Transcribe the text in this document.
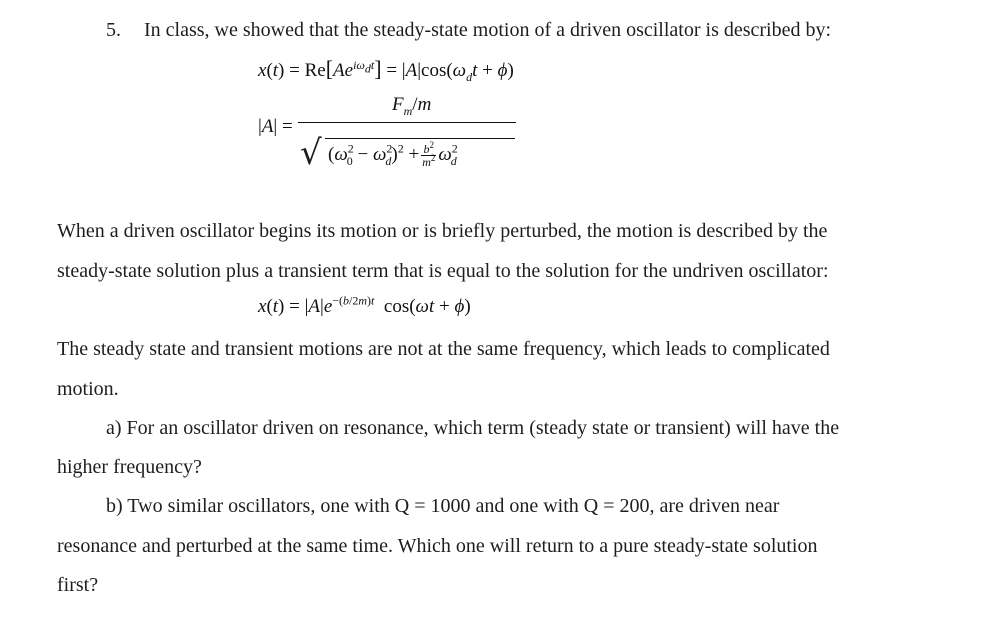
5. In class, we showed that the steady-state motion of a driven oscillator is described by:
$x(t) = Re[Ae^{i\omega_dt}] = |A|\cos(\omega_dt + \phi)$
|A| =
$F_m/m$
√ $(\omega^2_0 - \omega^2_d)^2 + \frac{b^2}{m^2} \omega^2_d$
When a driven oscillator begins its motion or is briefly perturbed, the motion is described by the
steady-state solution plus a transient term that is equal to the solution for the undriven oscillator:
$x(t) = |A|e^{-(b/2m)t}$  cos(ωt + ϕ)
The steady state and transient motions are not at the same frequency, which leads to complicated
motion.
a) For an oscillator driven on resonance, which term (steady state or transient) will have the
higher frequency?
b) Two similar oscillators, one with Q = 1000 and one with Q = 200, are driven near
resonance and perturbed at the same time. Which one will return to a pure steady-state solution
first?
